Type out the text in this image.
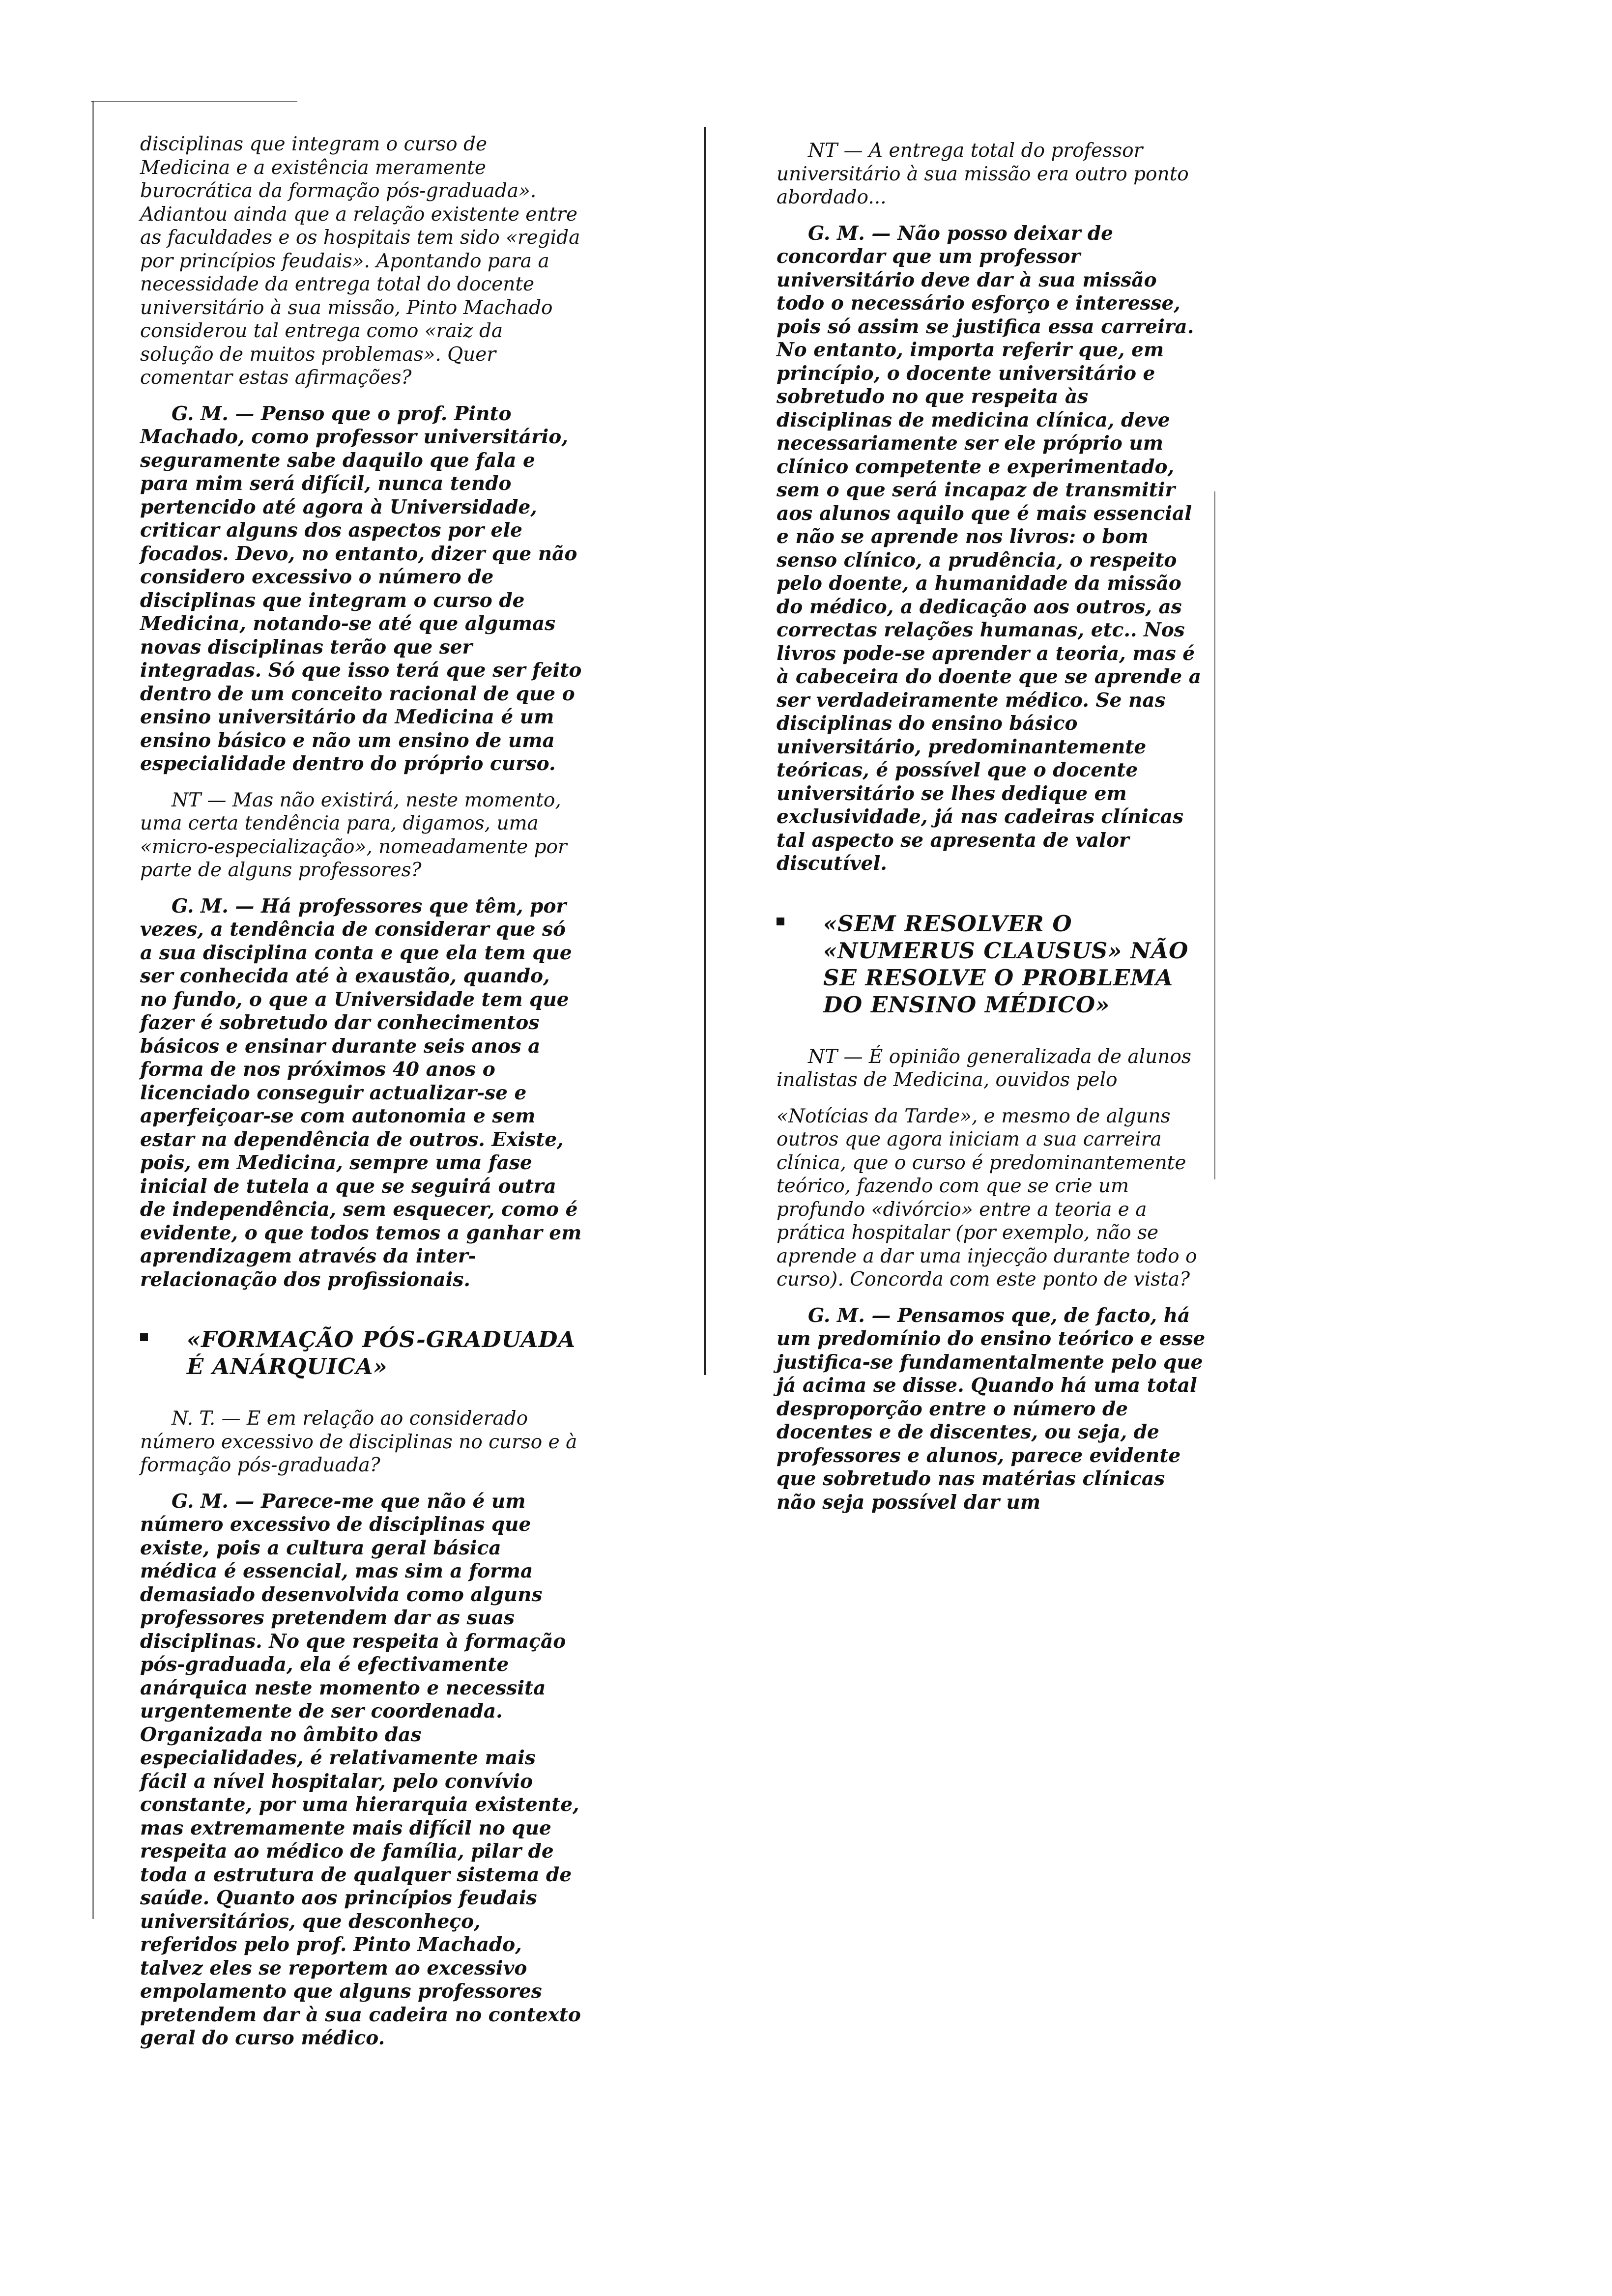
disciplinas que integram o curso de Medicina e a existência meramente burocrática da formação pós-graduada». Adiantou ainda que a relação existente entre as faculdades e os hospitais tem sido «regida por princípios feudais». Apontando para a necessidade da entrega total do docente universitário à sua missão, Pinto Machado considerou tal entrega como «raiz da solução de muitos problemas». Quer comentar estas afirmações?

G. M. — Penso que o prof. Pinto Machado, como professor universitário, seguramente sabe daquilo que fala e para mim será difícil, nunca tendo pertencido até agora à Universidade, criticar alguns dos aspectos por ele focados. Devo, no entanto, dizer que não considero excessivo o número de disciplinas que integram o curso de Medicina, notando-se até que algumas novas disciplinas terão que ser integradas. Só que isso terá que ser feito dentro de um conceito racional de que o ensino universitário da Medicina é um ensino básico e não um ensino de uma especialidade dentro do próprio curso.

NT — Mas não existirá, neste momento, uma certa tendência para, digamos, uma «micro-especialização», nomeadamente por parte de alguns professores?

G. M. — Há professores que têm, por vezes, a tendência de considerar que só a sua disciplina conta e que ela tem que ser conhecida até à exaustão, quando, no fundo, o que a Universidade tem que fazer é sobretudo dar conhecimentos básicos e ensinar durante seis anos a forma de nos próximos 40 anos o licenciado conseguir actualizar-se e aperfeiçoar-se com autonomia e sem estar na dependência de outros. Existe, pois, em Medicina, sempre uma fase inicial de tutela a que se seguirá outra de independência, sem esquecer, como é evidente, o que todos temos a ganhar em aprendizagem através da inter-relacionação dos profissionais.

«FORMAÇÃO PÓS-GRADUADA É ANÁRQUICA»

N. T. — E em relação ao considerado número excessivo de disciplinas no curso e à formação pós-graduada?

G. M. — Parece-me que não é um número excessivo de disciplinas que existe, pois a cultura geral básica médica é essencial, mas sim a forma demasiado desenvolvida como alguns professores pretendem dar as suas disciplinas. No que respeita à formação pós-graduada, ela é efectivamente anárquica neste momento e necessita urgentemente de ser coordenada. Organizada no âmbito das especialidades, é relativamente mais fácil a nível hospitalar, pelo convívio constante, por uma hierarquia existente, mas extremamente mais difícil no que respeita ao médico de família, pilar de toda a estrutura de qualquer sistema de saúde. Quanto aos princípios feudais universitários, que desconheço, referidos pelo prof. Pinto Machado, talvez eles se reportem ao excessivo empolamento que alguns professores pretendem dar à sua cadeira no contexto geral do curso médico.

NT — A entrega total do professor universitário à sua missão era outro ponto abordado...

G. M. — Não posso deixar de concordar que um professor universitário deve dar à sua missão todo o necessário esforço e interesse, pois só assim se justifica essa carreira. No entanto, importa referir que, em princípio, o docente universitário e sobretudo no que respeita às disciplinas de medicina clínica, deve necessariamente ser ele próprio um clínico competente e experimentado, sem o que será incapaz de transmitir aos alunos aquilo que é mais essencial e não se aprende nos livros: o bom senso clínico, a prudência, o respeito pelo doente, a humanidade da missão do médico, a dedicação aos outros, as correctas relações humanas, etc.. Nos livros pode-se aprender a teoria, mas é à cabeceira do doente que se aprende a ser verdadeiramente médico. Se nas disciplinas do ensino básico universitário, predominantemente teóricas, é possível que o docente universitário se lhes dedique em exclusividade, já nas cadeiras clínicas tal aspecto se apresenta de valor discutível.

«SEM RESOLVER O «NUMERUS CLAUSUS» NÃO SE RESOLVE O PROBLEMA DO ENSINO MÉDICO»

NT — É opinião generalizada de alunos inalistas de Medicina, ouvidos pelo

«Notícias da Tarde», e mesmo de alguns outros que agora iniciam a sua carreira clínica, que o curso é predominantemente teórico, fazendo com que se crie um profundo «divórcio» entre a teoria e a prática hospitalar (por exemplo, não se aprende a dar uma injecção durante todo o curso). Concorda com este ponto de vista?

G. M. — Pensamos que, de facto, há um predomínio do ensino teórico e esse justifica-se fundamentalmente pelo que já acima se disse. Quando há uma total desproporção entre o número de docentes e de discentes, ou seja, de professores e alunos, parece evidente que sobretudo nas matérias clínicas não seja possível dar um
